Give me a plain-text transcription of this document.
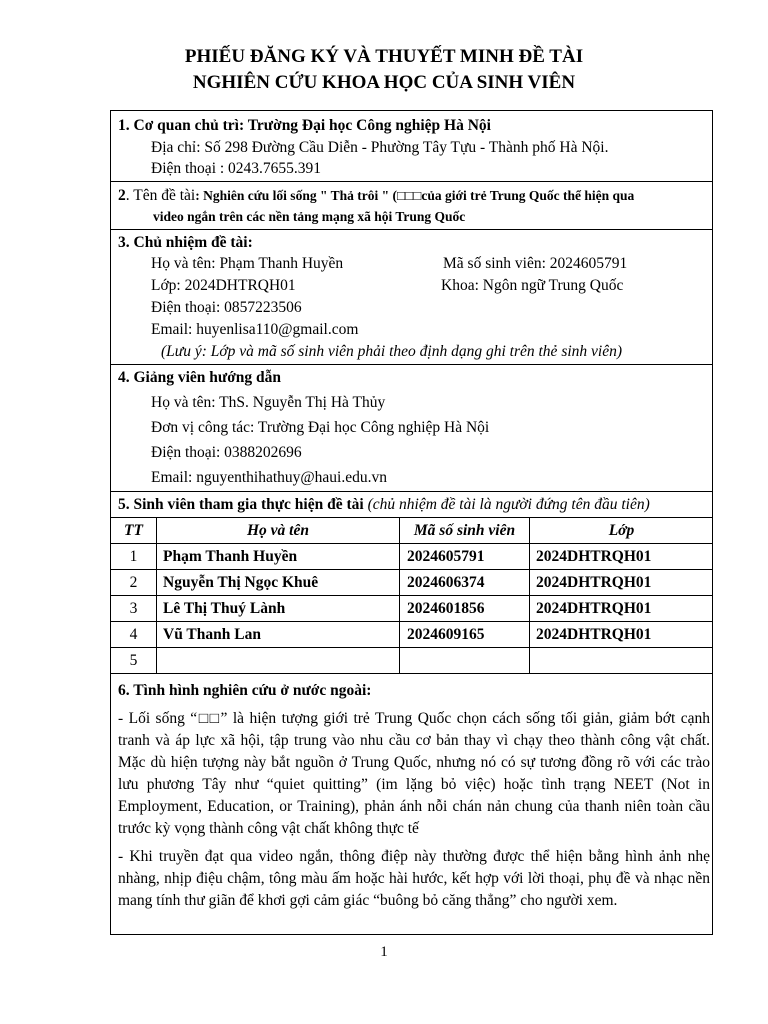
PHIẾU ĐĂNG KÝ VÀ THUYẾT MINH ĐỀ TÀI
NGHIÊN CỨU KHOA HỌC CỦA SINH VIÊN
1. Cơ quan chủ trì: Trường Đại học Công nghiệp Hà Nội
Địa chỉ: Số 298 Đường Cầu Diễn - Phường Tây Tựu - Thành phố Hà Nội.
Điện thoại : 0243.7655.391
2. Tên đề tài: Nghiên cứu lối sống " Thả trôi " (□□□của giới trẻ Trung Quốc thể hiện qua
video ngắn trên các nền tảng mạng xã hội Trung Quốc
3. Chủ nhiệm đề tài:
Họ và tên: Phạm Thanh Huyền	Mã số sinh viên: 2024605791
Lớp: 2024DHTRQH01	Khoa: Ngôn ngữ Trung Quốc
Điện thoại: 0857223506
Email: huyenlisa110@gmail.com
(Lưu ý: Lớp và mã số sinh viên phải theo định dạng ghi trên thẻ sinh viên)
4. Giảng viên hướng dẫn
Họ và tên: ThS. Nguyễn Thị Hà Thủy
Đơn vị công tác: Trường Đại học Công nghiệp Hà Nội
Điện thoại: 0388202696
Email: nguyenthihathuy@haui.edu.vn
5. Sinh viên tham gia thực hiện đề tài (chủ nhiệm đề tài là người đứng tên đầu tiên)
TT	Họ và tên	Mã số sinh viên	Lớp
1	Phạm Thanh Huyền	2024605791	2024DHTRQH01
2	Nguyễn Thị Ngọc Khuê	2024606374	2024DHTRQH01
3	Lê Thị Thuý Lành	2024601856	2024DHTRQH01
4	Vũ Thanh Lan	2024609165	2024DHTRQH01
5
6. Tình hình nghiên cứu ở nước ngoài:
- Lối sống “□□” là hiện tượng giới trẻ Trung Quốc chọn cách sống tối giản, giảm bớt cạnh tranh và áp lực xã hội, tập trung vào nhu cầu cơ bản thay vì chạy theo thành công vật chất. Mặc dù hiện tượng này bắt nguồn ở Trung Quốc, nhưng nó có sự tương đồng rõ với các trào lưu phương Tây như “quiet quitting” (im lặng bỏ việc) hoặc tình trạng NEET (Not in Employment, Education, or Training), phản ánh nỗi chán nản chung của thanh niên toàn cầu trước kỳ vọng thành công vật chất không thực tế
- Khi truyền đạt qua video ngắn, thông điệp này thường được thể hiện bằng hình ảnh nhẹ nhàng, nhịp điệu chậm, tông màu ấm hoặc hài hước, kết hợp với lời thoại, phụ đề và nhạc nền mang tính thư giãn để khơi gợi cảm giác “buông bỏ căng thẳng” cho người xem.
1
